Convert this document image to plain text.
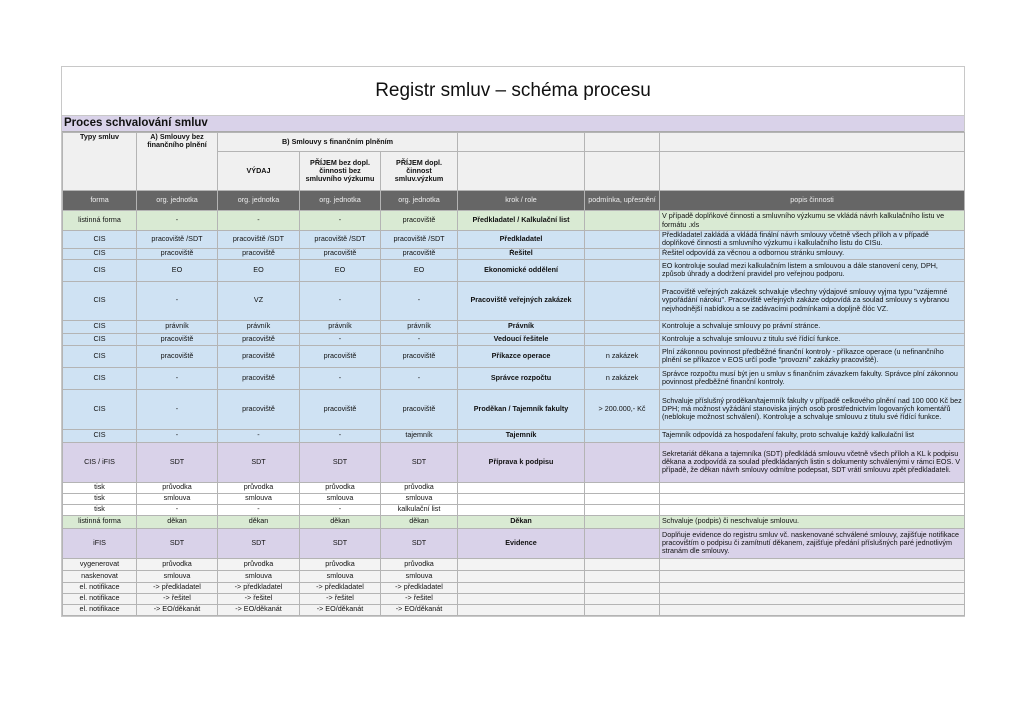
Registr smluv – schéma procesu
Proces schvalování smluv
Typy smluv	A) Smlouvy bez finančního plnění	B) Smlouvy s finančním plněním					
		VÝDAJ	PŘÍJEM bez dopl. činnosti bez smluvního výzkumu	PŘÍJEM dopl. činnost smluv.výzkum			
forma	org. jednotka	org. jednotka	org. jednotka	org. jednotka	krok / role	podmínka, upřesnění	popis činnosti
listinná forma	-	-	-	pracoviště	Předkladatel / Kalkulační list		V případě doplňkové činnosti a smluvního výzkumu se vkládá návrh kalkulačního listu ve formátu .xls
CIS	pracoviště /SDT	pracoviště /SDT	pracoviště /SDT	pracoviště /SDT	Předkladatel		Předkladatel zakládá a vkládá finální návrh smlouvy včetně všech příloh a v případě doplňkové činnosti a smluvního výzkumu i kalkulačního listu do CISu.
CIS	pracoviště	pracoviště	pracoviště	pracoviště	Řešitel		Řešitel odpovídá za věcnou a odbornou stránku smlouvy.
CIS	EO	EO	EO	EO	Ekonomické oddělení		EO kontroluje soulad mezi kalkulačním listem a smlouvou a dále stanovení ceny, DPH, způsob úhrady a dodržení pravidel pro veřejnou podporu.
CIS	-	VZ	-	-	Pracoviště veřejných zakázek		Pracoviště veřejných zakázek schvaluje všechny výdajové smlouvy vyjma typu "vzájemné vypořádání nároku". Pracoviště veřejných zakáze odpovídá za soulad smlouvy s vybranou nejvhodnější nabídkou a se zadávacími podmínkami a dopljně člóc VZ.
CIS	právník	právník	právník	právník	Právník		Kontroluje a schvaluje smlouvy po právní stránce.
CIS	pracoviště	pracoviště	-	-	Vedoucí řešitele		Kontroluje a schvaluje smlouvu z titulu své řídící funkce.
CIS	pracoviště	pracoviště	pracoviště	pracoviště	Příkazce operace	n zakázek	Plní zákonnou povinnost předběžné finanční kontroly - příkazce operace (u nefinančního plnění se příkazce v EOS určí podle "provozní" zakázky pracoviště).
CIS	-	pracoviště	-	-	Správce rozpočtu	n zakázek	Správce rozpočtu musí být jen u smluv s finančním závazkem fakulty. Správce plní zákonnou povinnost předběžné finanční kontroly.
CIS	-	pracoviště	pracoviště	pracoviště	Proděkan / Tajemník fakulty	> 200.000,- Kč	Schvaluje příslušný proděkan/tajemník fakulty v případě celkového plnění nad 100 000 Kč bez DPH; má možnost vyžádání stanoviska jiných osob prostřednictvím logovaných komentářů (neblokuje možnost schválení). Kontroluje a schvaluje smlouvu z titulu své řídící funkce.
CIS	-	-	-	tajemník	Tajemník		Tajemník odpovídá za hospodaření fakulty, proto schvaluje každý kalkulační list
CIS / iFIS	SDT	SDT	SDT	SDT	Příprava k podpisu		Sekretariát děkana a tajemníka (SDT) předkládá smlouvu včetně všech příloh a KL k podpisu děkana a zodpovídá za soulad předkládaných listin s dokumenty schválenými v rámci EOS. V případě, že děkan návrh smlouvy odmítne podepsat, SDT vrátí smlouvu zpět předkladateli.
tisk	průvodka	průvodka	průvodka	průvodka			
tisk	smlouva	smlouva	smlouva	smlouva			
tisk	-	-	-	kalkulační list			
listinná forma	děkan	děkan	děkan	děkan	Děkan		Schvaluje (podpis) či neschvaluje smlouvu.
iFIS	SDT	SDT	SDT	SDT	Evidence		Doplňuje evidence do registru smluv vč. naskenované schválené smlouvy, zajišťuje notifikace pracovištím o podpisu či zamítnutí děkanem, zajišťuje předání příslušných paré jednotlivým stranám dle smlouvy.
vygenerovat	průvodka	průvodka	průvodka	průvodka			
naskenovat	smlouva	smlouva	smlouva	smlouva			
el. notifikace	-> předkladatel	-> předkladatel	-> předkladatel	-> předkladatel			
el. notifikace	-> řešitel	-> řešitel	-> řešitel	-> řešitel			
el. notifikace	-> EO/děkanát	-> EO/děkanát	-> EO/děkanát	-> EO/děkanát			
